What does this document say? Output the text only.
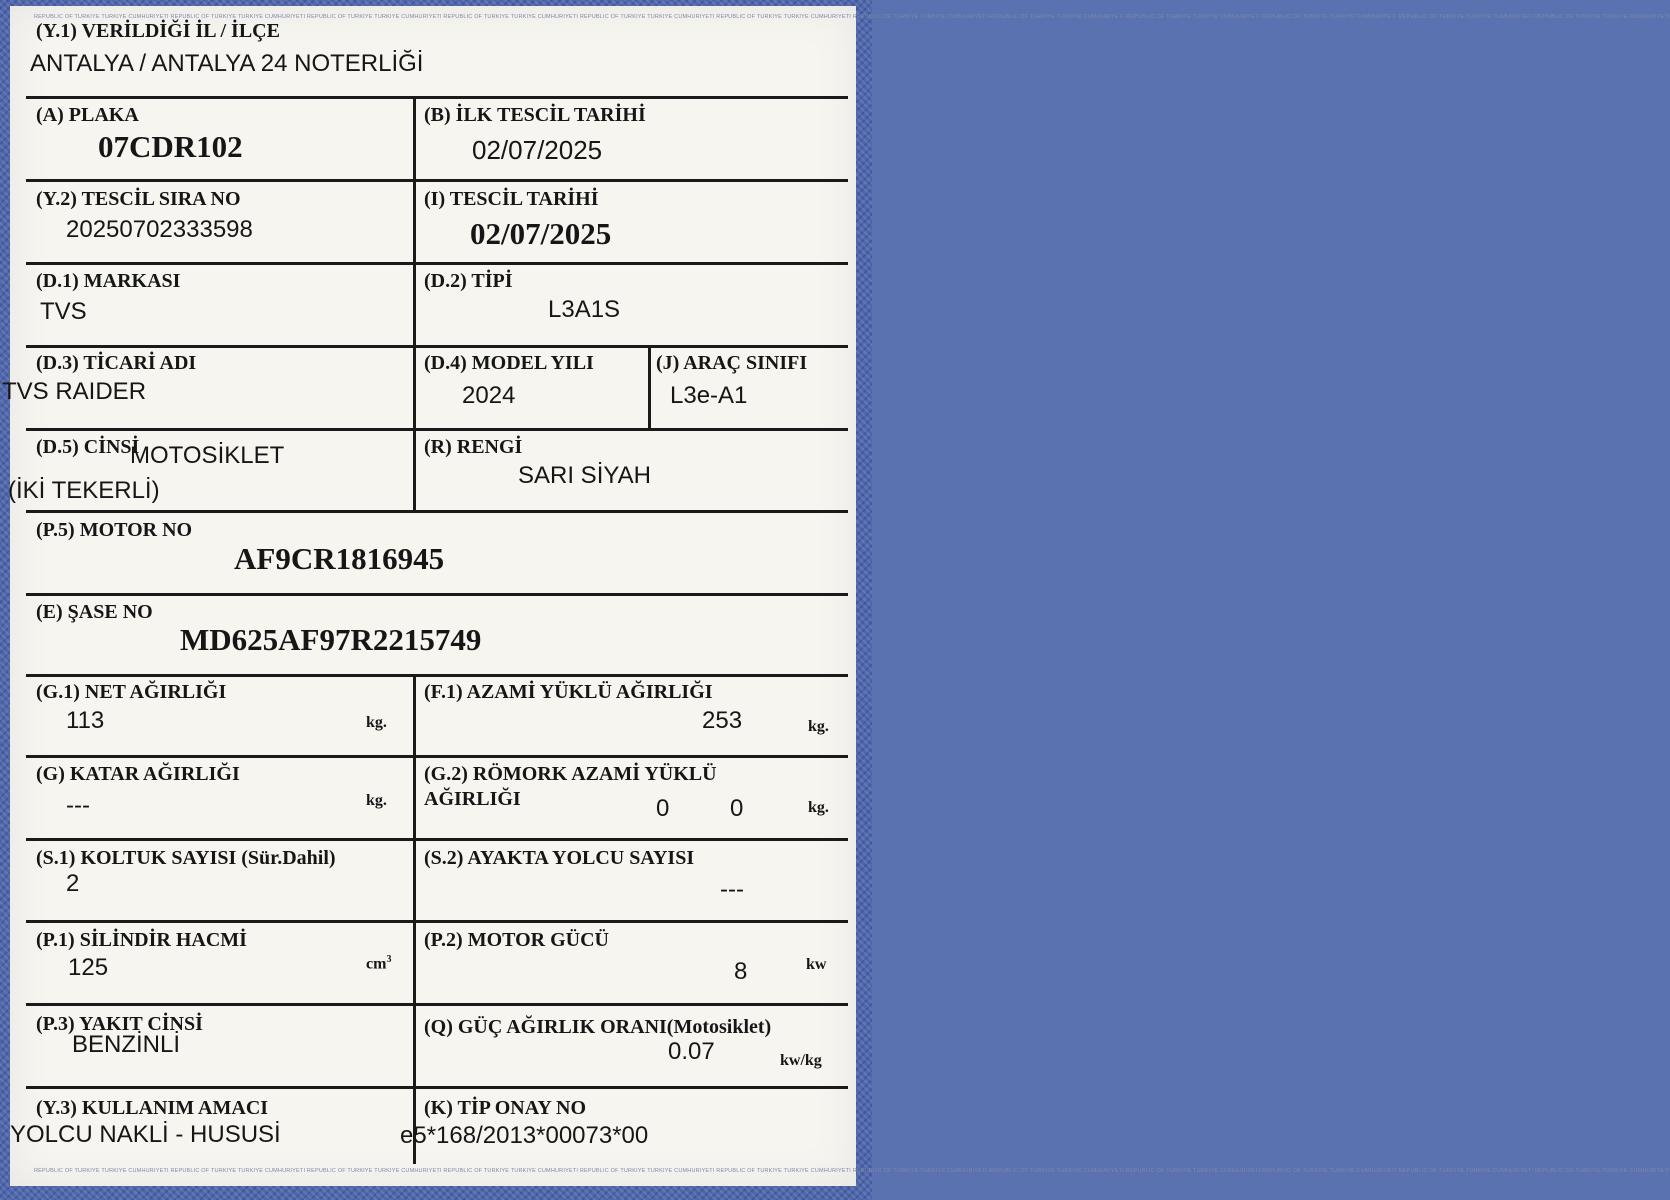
REPUBLIC OF TURKIYE TURKIYE CUMHURIYETI REPUBLIC OF TURKIYE TURKIYE CUMHURIYETI REPUBLIC OF TURKIYE TURKIYE CUMHURIYETI REPUBLIC OF TURKIYE TURKIYE CUMHURIYETI REPUBLIC OF TURKIYE TURKIYE CUMHURIYETI REPUBLIC OF TURKIYE TURKIYE CUMHURIYETI REPUBLIC OF TURKIYE TURKIYE CUMHURIYETI REPUBLIC OF TURKIYE TURKIYE CUMHURIYETI REPUBLIC OF TURKIYE TURKIYE CUMHURIYETI REPUBLIC OF TURKIYE TURKIYE CUMHURIYETI REPUBLIC OF TURKIYE TURKIYE CUMHURIYETI REPUBLIC OF TURKIYE TURKIYE CUMHURIYETI
REPUBLIC OF TURKIYE TURKIYE CUMHURIYETI REPUBLIC OF TURKIYE TURKIYE CUMHURIYETI REPUBLIC OF TURKIYE TURKIYE CUMHURIYETI REPUBLIC OF TURKIYE TURKIYE CUMHURIYETI REPUBLIC OF TURKIYE TURKIYE CUMHURIYETI REPUBLIC OF TURKIYE TURKIYE CUMHURIYETI REPUBLIC OF TURKIYE TURKIYE CUMHURIYETI REPUBLIC OF TURKIYE TURKIYE CUMHURIYETI REPUBLIC OF TURKIYE TURKIYE CUMHURIYETI REPUBLIC OF TURKIYE TURKIYE CUMHURIYETI REPUBLIC OF TURKIYE TURKIYE CUMHURIYETI REPUBLIC OF TURKIYE TURKIYE CUMHURIYETI
(Y.1) VERİLDİĞİ İL / İLÇE
ANTALYA / ANTALYA 24 NOTERLİĞİ
(A) PLAKA
07CDR102
(B) İLK TESCİL TARİHİ
02/07/2025
(Y.2) TESCİL SIRA NO
20250702333598
(I) TESCİL TARİHİ
02/07/2025
(D.1) MARKASI
TVS
(D.2) TİPİ
L3A1S
(D.3) TİCARİ ADI
TVS RAIDER
(D.4) MODEL YILI
2024
(J) ARAÇ SINIFI
L3e-A1
(D.5) CİNSİ
MOTOSİKLET
(İKİ TEKERLİ)
(R) RENGİ
SARI SİYAH
(P.5) MOTOR NO
AF9CR1816945
(E) ŞASE NO
MD625AF97R2215749
(G.1) NET AĞIRLIĞI
113	kg.
(F.1) AZAMİ YÜKLÜ AĞIRLIĞI
253	kg.
(G) KATAR AĞIRLIĞI
---	kg.
(G.2) RÖMORK AZAMİ YÜKLÜ
AĞIRLIĞI	0	0	kg.
(S.1) KOLTUK SAYISI (Sür.Dahil)
2
(S.2) AYAKTA YOLCU SAYISI
---
(P.1) SİLİNDİR HACMİ
125	$cm^3$
(P.2) MOTOR GÜCÜ
8	kw
(P.3) YAKIT CİNSİ
BENZİNLİ
(Q) GÜÇ AĞIRLIK ORANI(Motosiklet)
0.07	kw/kg
(Y.3) KULLANIM AMACI
YOLCU NAKLİ - HUSUSİ
(K) TİP ONAY NO
e5*168/2013*00073*00
